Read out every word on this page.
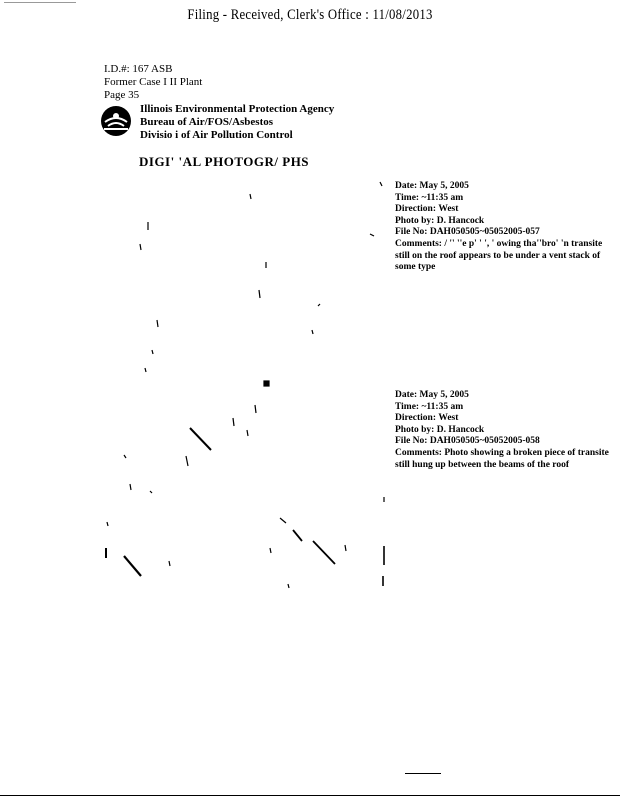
Filing - Received, Clerk's Office : 11/08/2013
I.D.#: 167 ASB
Former Case I II Plant
Page 35
Illinois Environmental Protection Agency
Bureau of Air/FOS/Asbestos
Divisio i of Air Pollution Control
DIGI' 'AL PHOTOGR/ PHS
Date: May 5, 2005
Time: ~11:35 am
Direction: West
Photo by: D. Hancock
File No: DAH050505~05052005-057
Comments: / '' ''e p' ' ', ' owing tha''bro' 'n transite still on the roof appears to be under a vent stack of some type
Date: May 5, 2005
Time: ~11:35 am
Direction: West
Photo by: D. Hancock
File No: DAH050505~05052005-058
Comments: Photo showing a broken piece of transite still hung up between the beams of the roof
